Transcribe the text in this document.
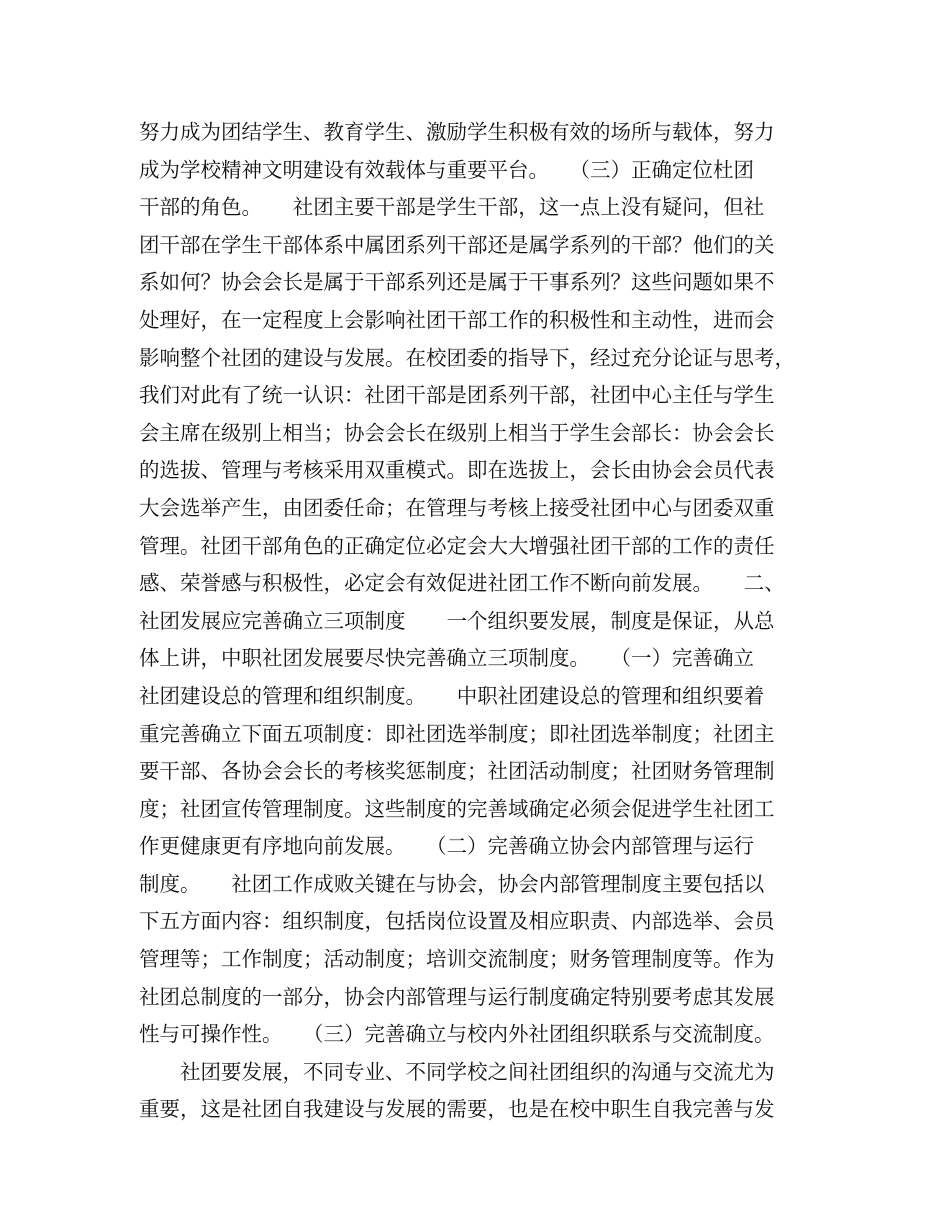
努力成为团结学生、教育学生、激励学生积极有效的场所与载体，努力
成为学校精神文明建设有效载体与重要平台。　　（三）正确定位杜团
干部的角色。　　社团主要干部是学生干部，这一点上没有疑问，但社
团干部在学生干部体系中属团系列干部还是属学系列的干部？他们的关
系如何？协会会长是属于干部系列还是属于干事系列？这些问题如果不
处理好，在一定程度上会影响社团干部工作的积极性和主动性，进而会
影响整个社团的建设与发展。在校团委的指导下，经过充分论证与思考，
我们对此有了统一认识：社团干部是团系列干部，社团中心主任与学生
会主席在级别上相当；协会会长在级别上相当于学生会部长：协会会长
的选拔、管理与考核采用双重模式。即在选拔上，会长由协会会员代表
大会选举产生，由团委任命；在管理与考核上接受社团中心与团委双重
管理。社团干部角色的正确定位必定会大大增强社团干部的工作的责任
感、荣誉感与积极性，必定会有效促进社团工作不断向前发展。　　二、
社团发展应完善确立三项制度　　一个组织要发展，制度是保证，从总
体上讲，中职社团发展要尽快完善确立三项制度。　　（一）完善确立
社团建设总的管理和组织制度。　　中职社团建设总的管理和组织要着
重完善确立下面五项制度：即社团选举制度；即社团选举制度；社团主
要干部、各协会会长的考核奖惩制度；社团活动制度；社团财务管理制
度；社团宣传管理制度。这些制度的完善域确定必须会促进学生社团工
作更健康更有序地向前发展。　　（二）完善确立协会内部管理与运行
制度。　　社团工作成败关键在与协会，协会内部管理制度主要包括以
下五方面内容：组织制度，包括岗位设置及相应职责、内部选举、会员
管理等；工作制度；活动制度；培训交流制度；财务管理制度等。作为
社团总制度的一部分，协会内部管理与运行制度确定特别要考虑其发展
性与可操作性。　　（三）完善确立与校内外社团组织联系与交流制度。
　　社团要发展，不同专业、不同学校之间社团组织的沟通与交流尤为
重要，这是社团自我建设与发展的需要，也是在校中职生自我完善与发
